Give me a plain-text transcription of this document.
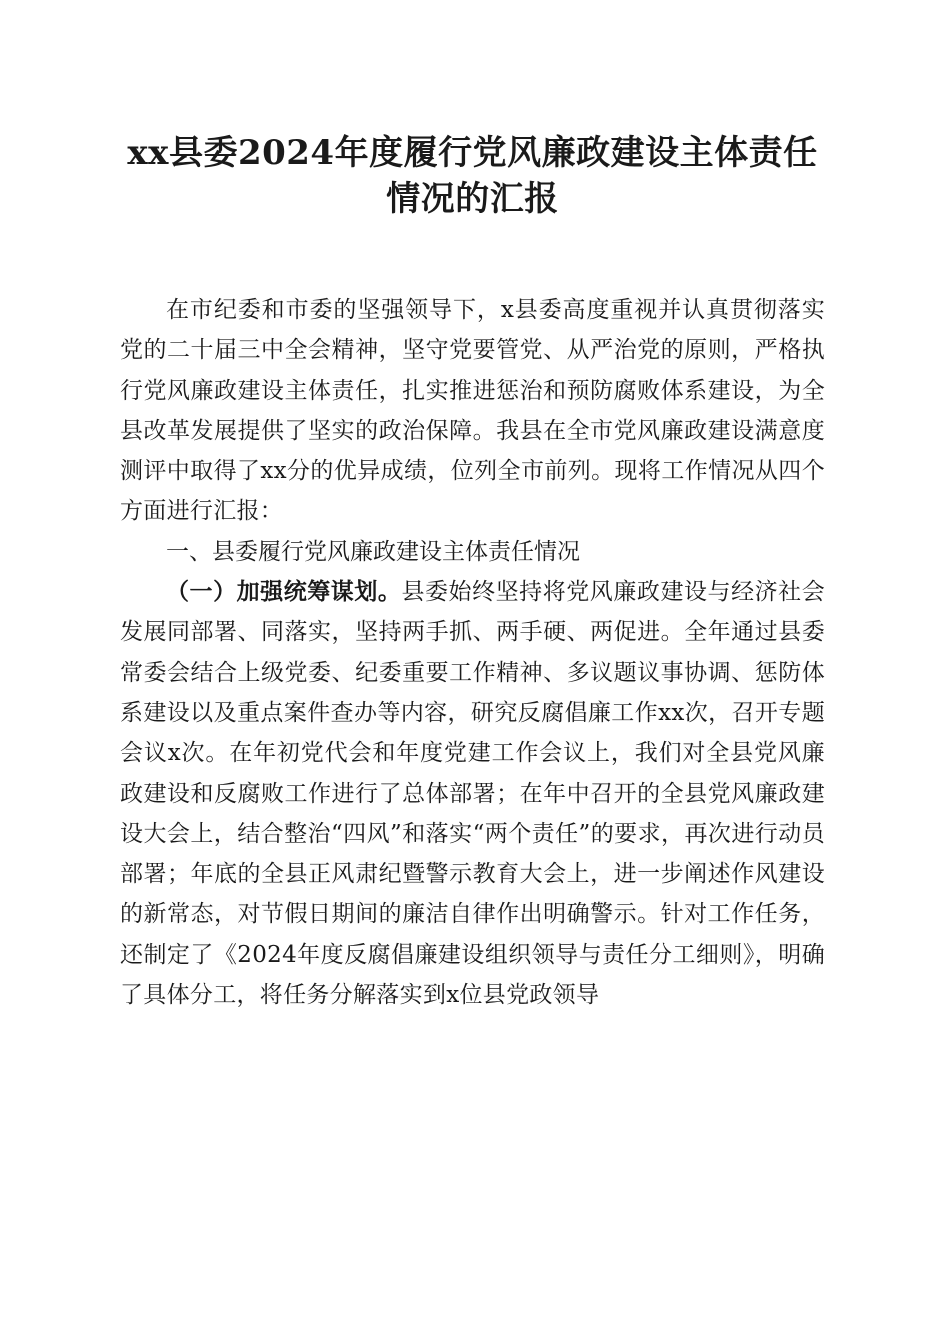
xx县委2024年度履行党风廉政建设主体责任
情况的汇报

在市纪委和市委的坚强领导下，x县委高度重视并认真贯彻落实党的二十届三中全会精神，坚守党要管党、从严治党的原则，严格执行党风廉政建设主体责任，扎实推进惩治和预防腐败体系建设，为全县改革发展提供了坚实的政治保障。我县在全市党风廉政建设满意度测评中取得了xx分的优异成绩，位列全市前列。现将工作情况从四个方面进行汇报：

一、县委履行党风廉政建设主体责任情况

（一）加强统筹谋划。县委始终坚持将党风廉政建设与经济社会发展同部署、同落实，坚持两手抓、两手硬、两促进。全年通过县委常委会结合上级党委、纪委重要工作精神、多议题议事协调、惩防体系建设以及重点案件查办等内容，研究反腐倡廉工作xx次，召开专题会议x次。在年初党代会和年度党建工作会议上，我们对全县党风廉政建设和反腐败工作进行了总体部署；在年中召开的全县党风廉政建设大会上，结合整治“四风”和落实“两个责任”的要求，再次进行动员部署；年底的全县正风肃纪暨警示教育大会上，进一步阐述作风建设的新常态，对节假日期间的廉洁自律作出明确警示。针对工作任务，还制定了《2024年度反腐倡廉建设组织领导与责任分工细则》，明确了具体分工，将任务分解落实到x位县党政领导
